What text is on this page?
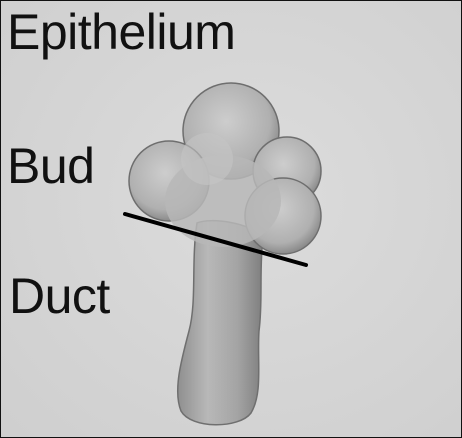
Epithelium
Bud
Duct
